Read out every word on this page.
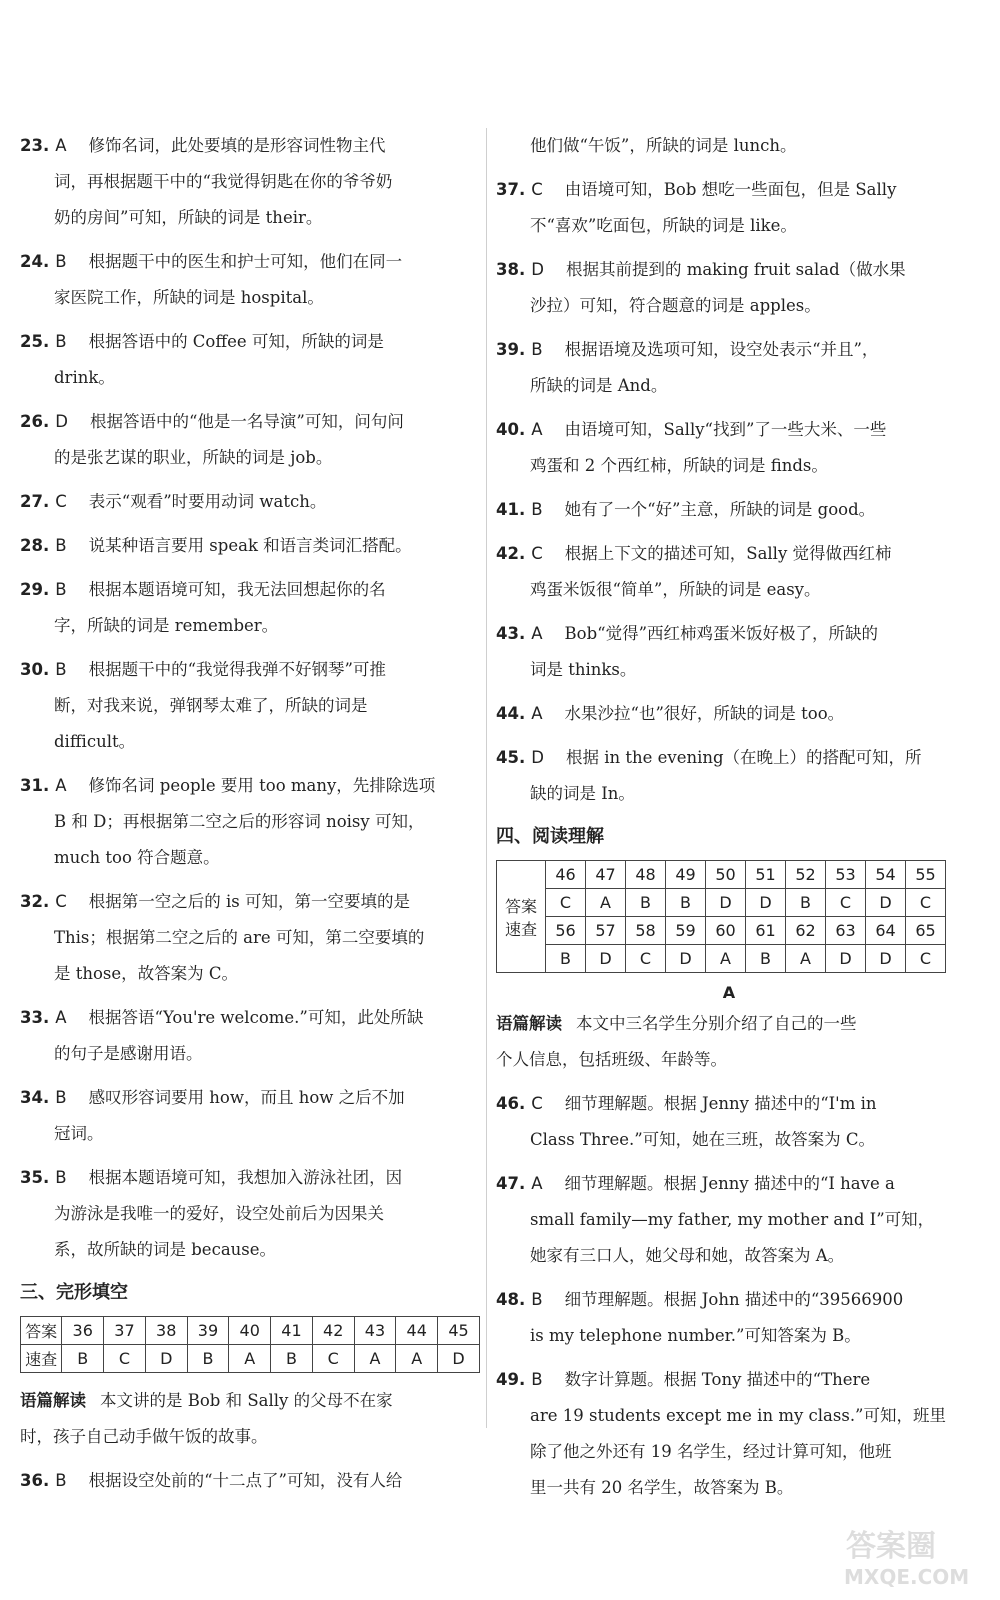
23. A 修饰名词，此处要填的是形容词性物主代
词，再根据题干中的“我觉得钥匙在你的爷爷奶
奶的房间”可知，所缺的词是 their。
24. B 根据题干中的医生和护士可知，他们在同一
家医院工作，所缺的词是 hospital。
25. B 根据答语中的 Coffee 可知，所缺的词是
drink。
26. D 根据答语中的“他是一名导演”可知，问句问
的是张艺谋的职业，所缺的词是 job。
27. C 表示“观看”时要用动词 watch。
28. B 说某种语言要用 speak 和语言类词汇搭配。
29. B 根据本题语境可知，我无法回想起你的名
字，所缺的词是 remember。
30. B 根据题干中的“我觉得我弹不好钢琴”可推
断，对我来说，弹钢琴太难了，所缺的词是
difficult。
31. A 修饰名词 people 要用 too many，先排除选项
B 和 D；再根据第二空之后的形容词 noisy 可知，
much too 符合题意。
32. C 根据第一空之后的 is 可知，第一空要填的是
This；根据第二空之后的 are 可知，第二空要填的
是 those，故答案为 C。
33. A 根据答语“You're welcome.”可知，此处所缺
的句子是感谢用语。
34. B 感叹形容词要用 how，而且 how 之后不加
冠词。
35. B 根据本题语境可知，我想加入游泳社团，因
为游泳是我唯一的爱好，设空处前后为因果关
系，故所缺的词是 because。
三、完形填空
答案	36	37	38	39	40	41	42	43	44	45
速查	B	C	D	B	A	B	C	A	A	D
语篇解读 本文讲的是 Bob 和 Sally 的父母不在家
时，孩子自己动手做午饭的故事。
36. B 根据设空处前的“十二点了”可知，没有人给
他们做“午饭”，所缺的词是 lunch。
37. C 由语境可知，Bob 想吃一些面包，但是 Sally
不“喜欢”吃面包，所缺的词是 like。
38. D 根据其前提到的 making fruit salad（做水果
沙拉）可知，符合题意的词是 apples。
39. B 根据语境及选项可知，设空处表示“并且”，
所缺的词是 And。
40. A 由语境可知，Sally“找到”了一些大米、一些
鸡蛋和 2 个西红柿，所缺的词是 finds。
41. B 她有了一个“好”主意，所缺的词是 good。
42. C 根据上下文的描述可知，Sally 觉得做西红柿
鸡蛋米饭很“简单”，所缺的词是 easy。
43. A Bob“觉得”西红柿鸡蛋米饭好极了，所缺的
词是 thinks。
44. A 水果沙拉“也”很好，所缺的词是 too。
45. D 根据 in the evening（在晚上）的搭配可知，所
缺的词是 In。
四、阅读理解
答案
速查	46	47	48	49	50	51	52	53	54	55
	C	A	B	B	D	D	B	C	D	C
	56	57	58	59	60	61	62	63	64	65
	B	D	C	D	A	B	A	D	D	C
A
语篇解读 本文中三名学生分别介绍了自己的一些
个人信息，包括班级、年龄等。
46. C 细节理解题。根据 Jenny 描述中的“I'm in
Class Three.”可知，她在三班，故答案为 C。
47. A 细节理解题。根据 Jenny 描述中的“I have a
small family—my father, my mother and I”可知，
她家有三口人，她父母和她，故答案为 A。
48. B 细节理解题。根据 John 描述中的“39566900
is my telephone number.”可知答案为 B。
49. B 数字计算题。根据 Tony 描述中的“There
are 19 students except me in my class.”可知，班里
除了他之外还有 19 名学生，经过计算可知，他班
里一共有 20 名学生，故答案为 B。
答案圈
MXQE.COM
